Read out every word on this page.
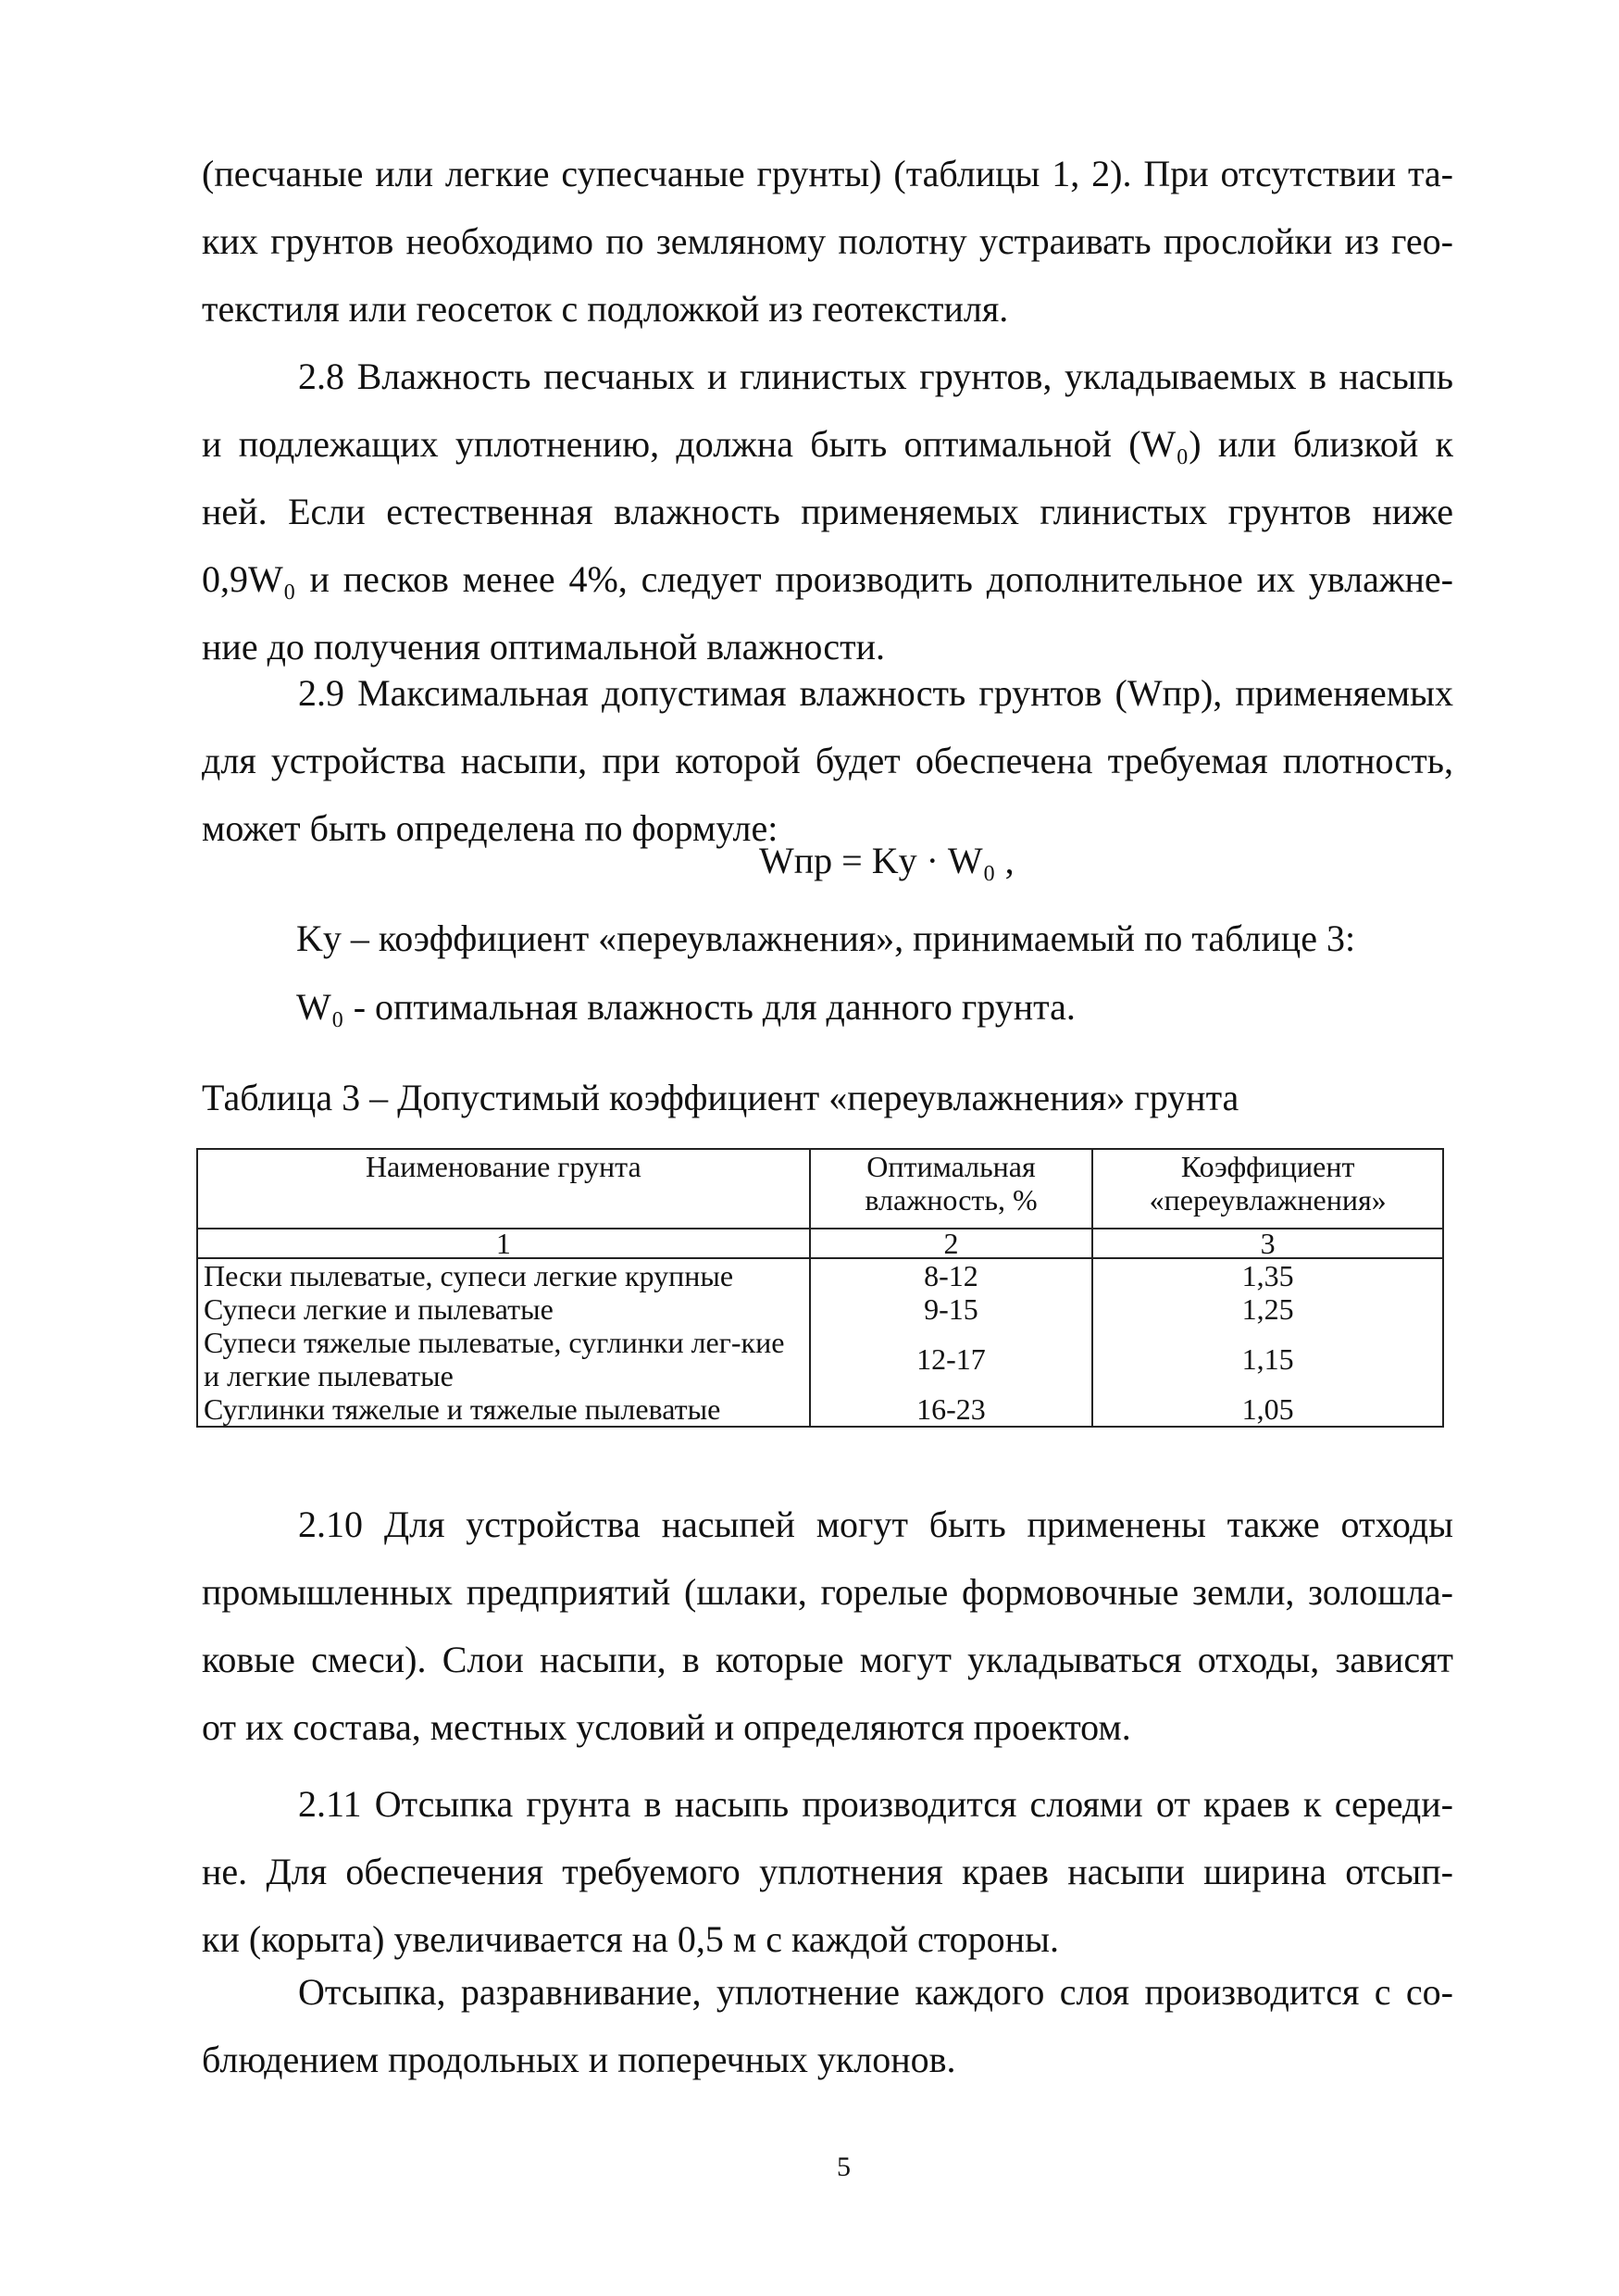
(песчаные или легкие супесчаные грунты) (таблицы 1, 2). При отсутствии та-
ких грунтов необходимо по земляному полотну устраивать прослойки из гео-
текстиля или геосеток с подложкой из геотекстиля.

2.8 Влажность песчаных и глинистых грунтов, укладываемых в насыпь
и подлежащих уплотнению, должна быть оптимальной (W₀) или близкой к
ней. Если естественная влажность применяемых глинистых грунтов ниже
0,9W₀ и песков менее 4%, следует производить дополнительное их увлажне-
ние до получения оптимальной влажности.

2.9 Максимальная допустимая влажность грунтов (Wпр), применяемых
для устройства насыпи, при которой будет обеспечена требуемая плотность,
может быть определена по формуле:

Wпр = Kу · W₀ ,
Kу – коэффициент «переувлажнения», принимаемый по таблице 3:
W₀ - оптимальная влажность для данного грунта.
Таблица 3 – Допустимый коэффициент «переувлажнения» грунта
Наименование грунта	Оптимальная влажность, %	Коэффициент «переувлажнения»
1	2	3
Пески пылеватые, супеси легкие крупные	8-12	1,35
Супеси легкие и пылеватые	9-15	1,25
Супеси тяжелые пылеватые, суглинки лег-кие и легкие пылеватые	12-17	1,15
Суглинки тяжелые и тяжелые пылеватые	16-23	1,05

2.10 Для устройства насыпей могут быть применены также отходы
промышленных предприятий (шлаки, горелые формовочные земли, золошла-
ковые смеси). Слои насыпи, в которые могут укладываться отходы, зависят
от их состава, местных условий и определяются проектом.

2.11 Отсыпка грунта в насыпь производится слоями от краев к середи-
не. Для обеспечения требуемого уплотнения краев насыпи ширина отсып-
ки (корыта) увеличивается на 0,5 м с каждой стороны.

Отсыпка, разравнивание, уплотнение каждого слоя производится с со-
блюдением продольных и поперечных уклонов.

5
